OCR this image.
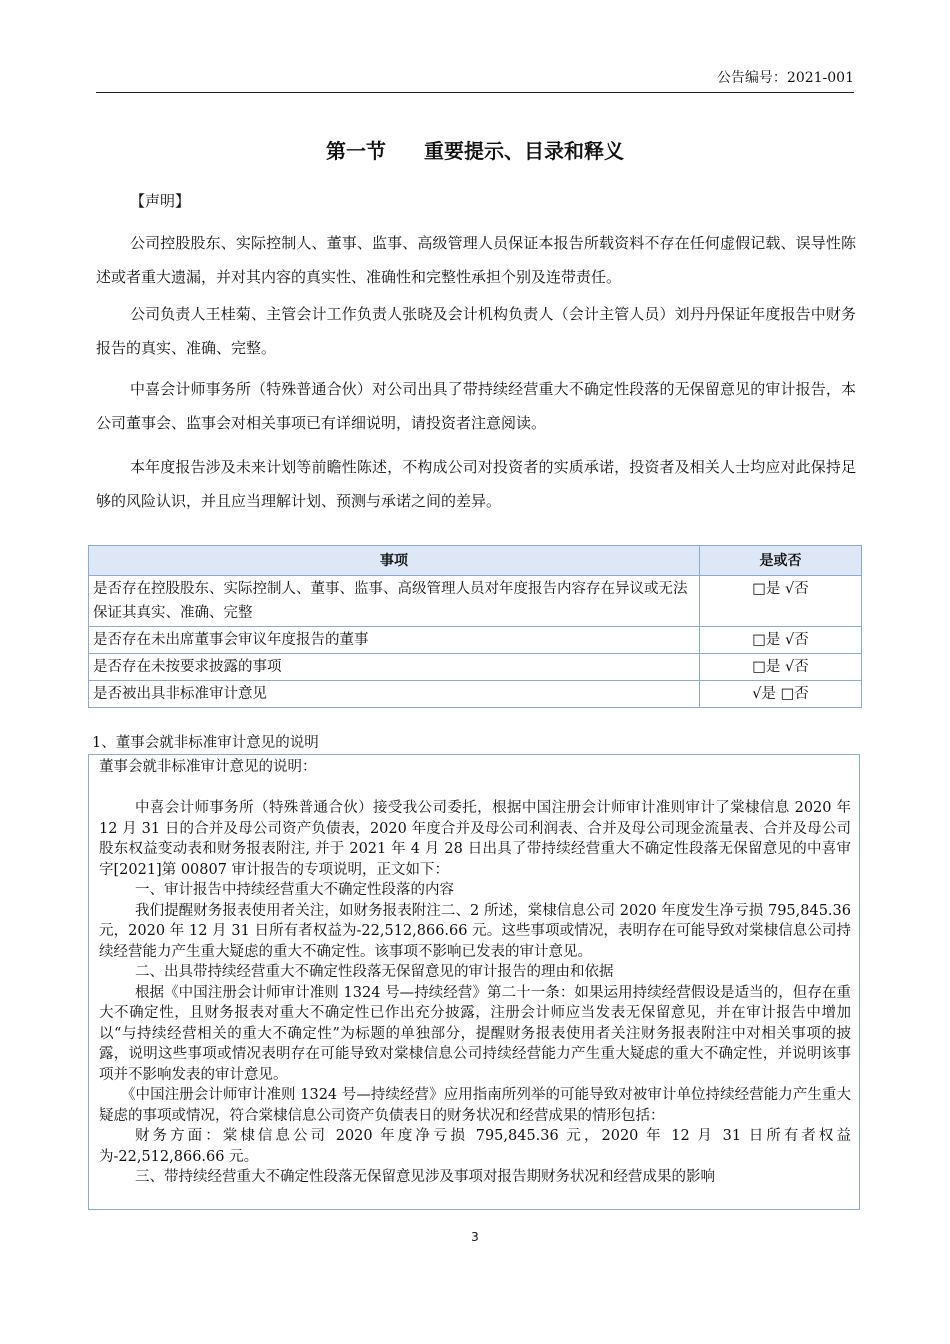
公告编号：2021-001
第一节 重要提示、目录和释义
【声明】
公司控股股东、实际控制人、董事、监事、高级管理人员保证本报告所载资料不存在任何虚假记载、误导性陈述或者重大遗漏，并对其内容的真实性、准确性和完整性承担个别及连带责任。
公司负责人王桂菊、主管会计工作负责人张晓及会计机构负责人（会计主管人员）刘丹丹保证年度报告中财务报告的真实、准确、完整。
中喜会计师事务所（特殊普通合伙）对公司出具了带持续经营重大不确定性段落的无保留意见的审计报告，本公司董事会、监事会对相关事项已有详细说明，请投资者注意阅读。
本年度报告涉及未来计划等前瞻性陈述，不构成公司对投资者的实质承诺，投资者及相关人士均应对此保持足够的风险认识，并且应当理解计划、预测与承诺之间的差异。
事项	是或否
是否存在控股股东、实际控制人、董事、监事、高级管理人员对年度报告内容存在异议或无法保证其真实、准确、完整	□是 √否
是否存在未出席董事会审议年度报告的董事	□是 √否
是否存在未按要求披露的事项	□是 √否
是否被出具非标准审计意见	√是 □否
1、董事会就非标准审计意见的说明

董事会就非标准审计意见的说明：

中喜会计师事务所（特殊普通合伙）接受我公司委托，根据中国注册会计师审计准则审计了棠棣信息 2020 年 12 月 31 日的合并及母公司资产负债表，2020 年度合并及母公司利润表、合并及母公司现金流量表、合并及母公司股东权益变动表和财务报表附注, 并于 2021 年 4 月 28 日出具了带持续经营重大不确定性段落无保留意见的中喜审字[2021]第 00807 审计报告的专项说明，正文如下：

一、审计报告中持续经营重大不确定性段落的内容

我们提醒财务报表使用者关注，如财务报表附注二、2 所述，棠棣信息公司 2020 年度发生净亏损 795,845.36 元，2020 年 12 月 31 日所有者权益为-22,512,866.66 元。这些事项或情况，表明存在可能导致对棠棣信息公司持续经营能力产生重大疑虑的重大不确定性。该事项不影响已发表的审计意见。

二、出具带持续经营重大不确定性段落无保留意见的审计报告的理由和依据

根据《中国注册会计师审计准则 1324 号—持续经营》第二十一条：如果运用持续经营假设是适当的，但存在重大不确定性，且财务报表对重大不确定性已作出充分披露，注册会计师应当发表无保留意见，并在审计报告中增加以“与持续经营相关的重大不确定性”为标题的单独部分，提醒财务报表使用者关注财务报表附注中对相关事项的披露，说明这些事项或情况表明存在可能导致对棠棣信息公司持续经营能力产生重大疑虑的重大不确定性，并说明该事项并不影响发表的审计意见。

《中国注册会计师审计准则 1324 号—持续经营》应用指南所列举的可能导致对被审计单位持续经营能力产生重大疑虑的事项或情况，符合棠棣信息公司资产负债表日的财务状况和经营成果的情形包括：

财务方面：棠棣信息公司 2020 年度净亏损 795,845.36 元，2020 年 12 月 31 日所有者权益为-22,512,866.66 元。

三、带持续经营重大不确定性段落无保留意见涉及事项对报告期财务状况和经营成果的影响

3
